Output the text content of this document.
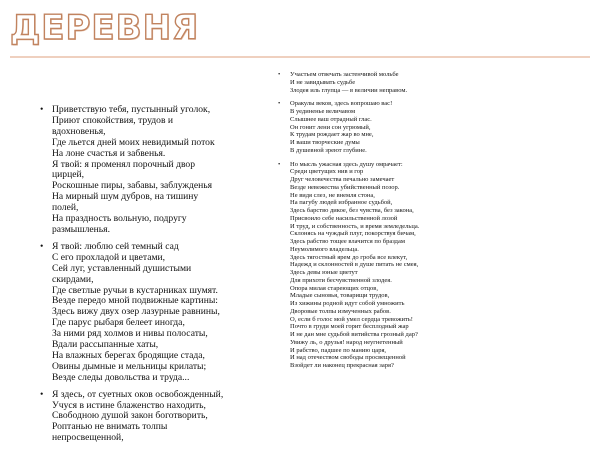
ДЕРЕВНЯ
• Приветствую тебя, пустынный уголок,
Приют спокойствия, трудов и
вдохновенья,
Где льется дней моих невидимый поток
На лоне счастья и забвенья.
Я твой: я променял порочный двор
цирцей,
Роскошные пиры, забавы, заблужденья
На мирный шум дубров, на тишину
полей,
На праздность вольную, подругу
размышленья.
• Я твой: люблю сей темный сад
С его прохладой и цветами,
Сей луг, уставленный душистыми
скирдами,
Где светлые ручьи в кустарниках шумят.
Везде передо мной подвижные картины:
Здесь вижу двух озер лазурные равнины,
Где парус рыбаря белеет иногда,
За ними ряд холмов и нивы полосаты,
Вдали рассыпанные хаты,
На влажных берегах бродящие стада,
Овины дымные и мельницы крилаты;
Везде следы довольства и труда...
• Я здесь, от суетных оков освобожденный,
Учуся в истине блаженство находить,
Свободною душой закон боготворить,
Роптанью не внимать толпы
непросвещенной,
• Участьем отвечать застенчивой мольбе
И не завидывать судьбе
Злодея иль глупца — в величии неправом.
• Оракулы веков, здесь вопрошаю вас!
В уединенье величавом
Слышнее ваш отрадный глас.
Он гонит лени сон угрюмый,
К трудам рождает жар во мне,
И ваши творческие думы
В душевной зреют глубине.
• Но мысль ужасная здесь душу омрачает:
Среди цветущих нив и гор
Друг человечества печально замечает
Везде невежества убийственный позор.
Не видя слез, не внемля стона,
На пагубу людей избранное судьбой,
Здесь барство дикое, без чувства, без закона,
Присвоило себе насильственной лозой
И труд, и собственность, и время земледельца.
Склонясь на чуждый плуг, покорствуя бичам,
Здесь рабство тощее влачится по браздам
Неумолимого владельца.
Здесь тягостный ярем до гроба все влекут,
Надежд и склонностей в душе питать не смея,
Здесь девы юные цветут
Для прихоти бесчувственной злодея.
Опора милая стареющих отцов,
Младые сыновья, товарищи трудов,
Из хижины родной идут собой умножить
Дворовые толпы измученных рабов.
О, если б голос мой умел сердца тревожить!
Почто в груди моей горит бесплодный жар
И не дан мне судьбой витийства грозный дар?
Увижу ль, о друзья! народ неугнетенный
И рабство, падшее по манию царя,
И над отечеством свободы просвещенной
Взойдет ли наконец прекрасная заря?
